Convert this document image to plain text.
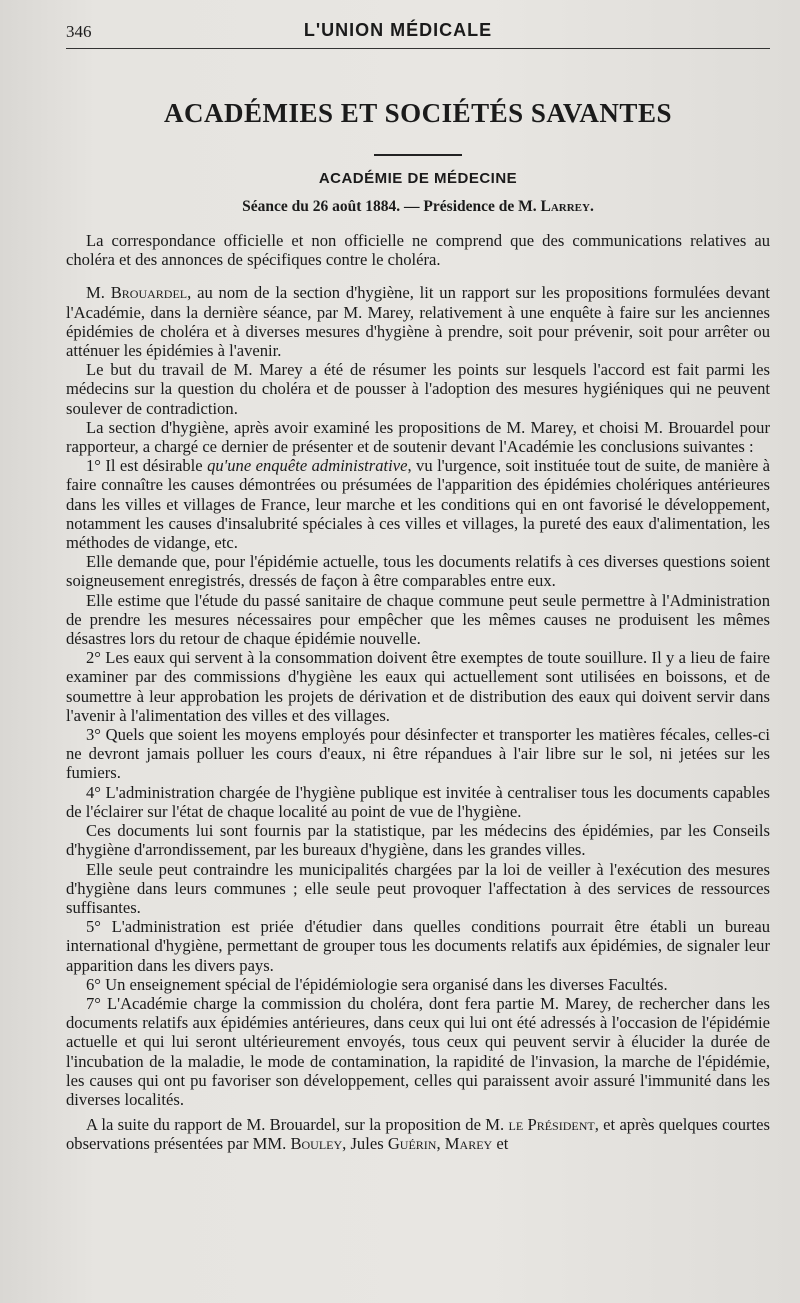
346	L'UNION MÉDICALE
ACADÉMIES ET SOCIÉTÉS SAVANTES
ACADÉMIE DE MÉDECINE
Séance du 26 août 1884. — Présidence de M. Larrey.

La correspondance officielle et non officielle ne comprend que des communications relatives au choléra et des annonces de spécifiques contre le choléra.

M. Brouardel, au nom de la section d'hygiène, lit un rapport sur les propositions formulées devant l'Académie, dans la dernière séance, par M. Marey, relativement à une enquête à faire sur les anciennes épidémies de choléra et à diverses mesures d'hygiène à prendre, soit pour prévenir, soit pour arrêter ou atténuer les épidémies à l'avenir.

Le but du travail de M. Marey a été de résumer les points sur lesquels l'accord est fait parmi les médecins sur la question du choléra et de pousser à l'adoption des mesures hygiéniques qui ne peuvent soulever de contradiction.

La section d'hygiène, après avoir examiné les propositions de M. Marey, et choisi M. Brouardel pour rapporteur, a chargé ce dernier de présenter et de soutenir devant l'Académie les conclusions suivantes :

1° Il est désirable qu'une enquête administrative, vu l'urgence, soit instituée tout de suite, de manière à faire connaître les causes démontrées ou présumées de l'apparition des épidémies cholériques antérieures dans les villes et villages de France, leur marche et les conditions qui en ont favorisé le développement, notamment les causes d'insalubrité spéciales à ces villes et villages, la pureté des eaux d'alimentation, les méthodes de vidange, etc.

Elle demande que, pour l'épidémie actuelle, tous les documents relatifs à ces diverses questions soient soigneusement enregistrés, dressés de façon à être comparables entre eux.

Elle estime que l'étude du passé sanitaire de chaque commune peut seule permettre à l'Administration de prendre les mesures nécessaires pour empêcher que les mêmes causes ne produisent les mêmes désastres lors du retour de chaque épidémie nouvelle.

2° Les eaux qui servent à la consommation doivent être exemptes de toute souillure. Il y a lieu de faire examiner par des commissions d'hygiène les eaux qui actuellement sont utilisées en boissons, et de soumettre à leur approbation les projets de dérivation et de distribution des eaux qui doivent servir dans l'avenir à l'alimentation des villes et des villages.

3° Quels que soient les moyens employés pour désinfecter et transporter les matières fécales, celles-ci ne devront jamais polluer les cours d'eaux, ni être répandues à l'air libre sur le sol, ni jetées sur les fumiers.

4° L'administration chargée de l'hygiène publique est invitée à centraliser tous les documents capables de l'éclairer sur l'état de chaque localité au point de vue de l'hygiène.

Ces documents lui sont fournis par la statistique, par les médecins des épidémies, par les Conseils d'hygiène d'arrondissement, par les bureaux d'hygiène, dans les grandes villes.

Elle seule peut contraindre les municipalités chargées par la loi de veiller à l'exécution des mesures d'hygiène dans leurs communes ; elle seule peut provoquer l'affectation à des services de ressources suffisantes.

5° L'administration est priée d'étudier dans quelles conditions pourrait être établi un bureau international d'hygiène, permettant de grouper tous les documents relatifs aux épidémies, de signaler leur apparition dans les divers pays.

6° Un enseignement spécial de l'épidémiologie sera organisé dans les diverses Facultés.

7° L'Académie charge la commission du choléra, dont fera partie M. Marey, de rechercher dans les documents relatifs aux épidémies antérieures, dans ceux qui lui ont été adressés à l'occasion de l'épidémie actuelle et qui lui seront ultérieurement envoyés, tous ceux qui peuvent servir à élucider la durée de l'incubation de la maladie, le mode de contamination, la rapidité de l'invasion, la marche de l'épidémie, les causes qui ont pu favoriser son développement, celles qui paraissent avoir assuré l'immunité dans les diverses localités.

A la suite du rapport de M. Brouardel, sur la proposition de M. le Président, et après quelques courtes observations présentées par MM. Bouley, Jules Guérin, Marey et
